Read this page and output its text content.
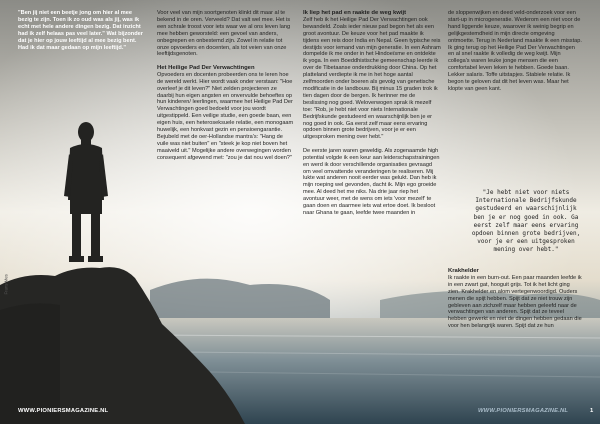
"Ben jij niet een beetje jong om hier al mee bezig te zijn. Toen ik zo oud was als jij, was ik echt met hele andere dingen bezig. Dat inzicht had ik zelf helaas pas veel later." Wat bijzonder dat je hier op jouw leeftijd al mee bezig bent. Had ik dat maar gedaan op mijn leeftijd."

Voor veel van mijn soortgenoten klinkt dit maar al te bekend in de oren. Verveeld? Dat valt wel mee. Het is een schrale troost voor iets waar we al ons leven lang mee hebben geworsteld: een gevoel van anders, onbegrepen en onbestemd zijn. Zowel in relatie tot onze opvoeders en docenten, als tot veien van onze leeftijdsgenoten.

Het Heilige Pad Der Verwachtingen

Opvoeders en docenten probeerden ons te leren hoe de wereld werkt. Hier wordt vaak onder verstaan: "Hoe overleef je dit leven?" Niet zelden projecteren ze daarbij hun eigen angsten en onvervulde behoeftes op hun kinderen/ leerlingen, waarmee het Heilige Pad Der Verwachtingen goed bedoeld voor jou wordt uitgestippeld. Een veilige studie, een goede baan, een eigen huis, een heteroseksuele relatie, een monogaam huwelijk, een honkvast gezin en pensioengarantie. Bejubeld met de oer-Hollandse mantra's: "Hang de vuile was niet buiten" en "steek je kop niet boven het maaiveld uit." Mogelijke andere overwegingen worden consequent afgewend met: "zou je dat nou wel doen?"

Ik liep het pad en raakte de weg kwijt

Zelf heb ik het Heilige Pad Der Verwachtingen ook bewandeld. Zoals ieder nieuw pad begon het als een groot avontuur. De keuze voor het pad maakte ik tijdens een reis door India en Nepal. Geen typische reis destijds voor iemand van mijn generatie. In een Ashram dompelde ik me onder in het Hindoeïsme en ontdekte ik yoga. In een Boeddhistische gemeenschap leerde ik over de Tibetaanse onderdrukking door China. Op het platteland verdiepte ik me in het hoge aantal zelfmoorden onder boeren als gevolg van genetische modificatie in de landbouw. Bij minus 15 graden trok ik tien dagen door de bergen. Ik herinner me de beslissing nog goed. Weloverwogen sprak ik mezelf toe: "Rob, je hebt niet voor niets Internationale Bedrijfskunde gestudeerd en waarschijnlijk ben je er nog goed in ook. Ga eerst zelf maar eens ervaring opdoen binnen grote bedrijven, voor je er een uitgesproken mening over hebt."

De eerste jaren waren geweldig. Als zogenaamde high potential volgde ik een keur aan leiderschapstrainingen en werd ik door verschillende organisaties gevraagd om veel omvattende veranderingen te realiseren. Mij lukte wat anderen nooit eerder was gelukt. Dan heb ik mijn roeping wel gevonden, dacht ik. Mijn ego groeide mee. Al deed het me niks. Na drie jaar riep het avontuur weer, met de wens om iets 'voor mezelf' te gaan doen en daarmee iets wat ertoe doet. Ik besloot naar Ghana te gaan, leefde twee maanden in

de sloppenwijken en deed veld-onderzoek voor een start-up in microgeneratie. Wederom een niet voor de hand liggende keuze, waarover ik weinig begrip en gelijkgestemdheid in mijn directe omgeving ontmoette. Terug in Nederland maakte ik een misstap. Ik ging terug op het Heilige Pad Der Verwachtingen en al snel raakte ik volledig de weg kwijt. Mijn collega's waren leuke jonge mensen die een comfortabel leven leken te hebben. Goede baan. Lekker salaris. Toffe uitstapjes. Stabiele relatie. Ik begon te geloven dat dit het leven was. Maar het klopte van geen kant.

"Je hebt niet voor niets Internationale Bedrijfskunde gestudeerd en waarschijnlijk ben je er nog goed in ook. Ga eerst zelf maar eens ervaring opdoen binnen grote bedrijven, voor je er een uitgesproken mening over hebt."
Krakhelder

Ik raakte in een burn-out. Een paar maanden leefde ik in een zwart gat, hooguit grijs. Tot ik het licht ging zien. Krakhelder en alom vertegenwoordigd. Ouders menen die spijt hebben. Spijt dat ze niet trouw zijn gebleven aan zichzelf maar hebben geleefd naar de verwachtingen van anderen. Spijt dat ze teveel hebben gewerkt en niet de dingen hebben gedaan die voor hen belangrijk waren. Spijt dat ze hun

Frans Mes
WWW.PIONIERSMAGAZINE.NL	WWW.PIONIERSMAGAZINE.NL	1
